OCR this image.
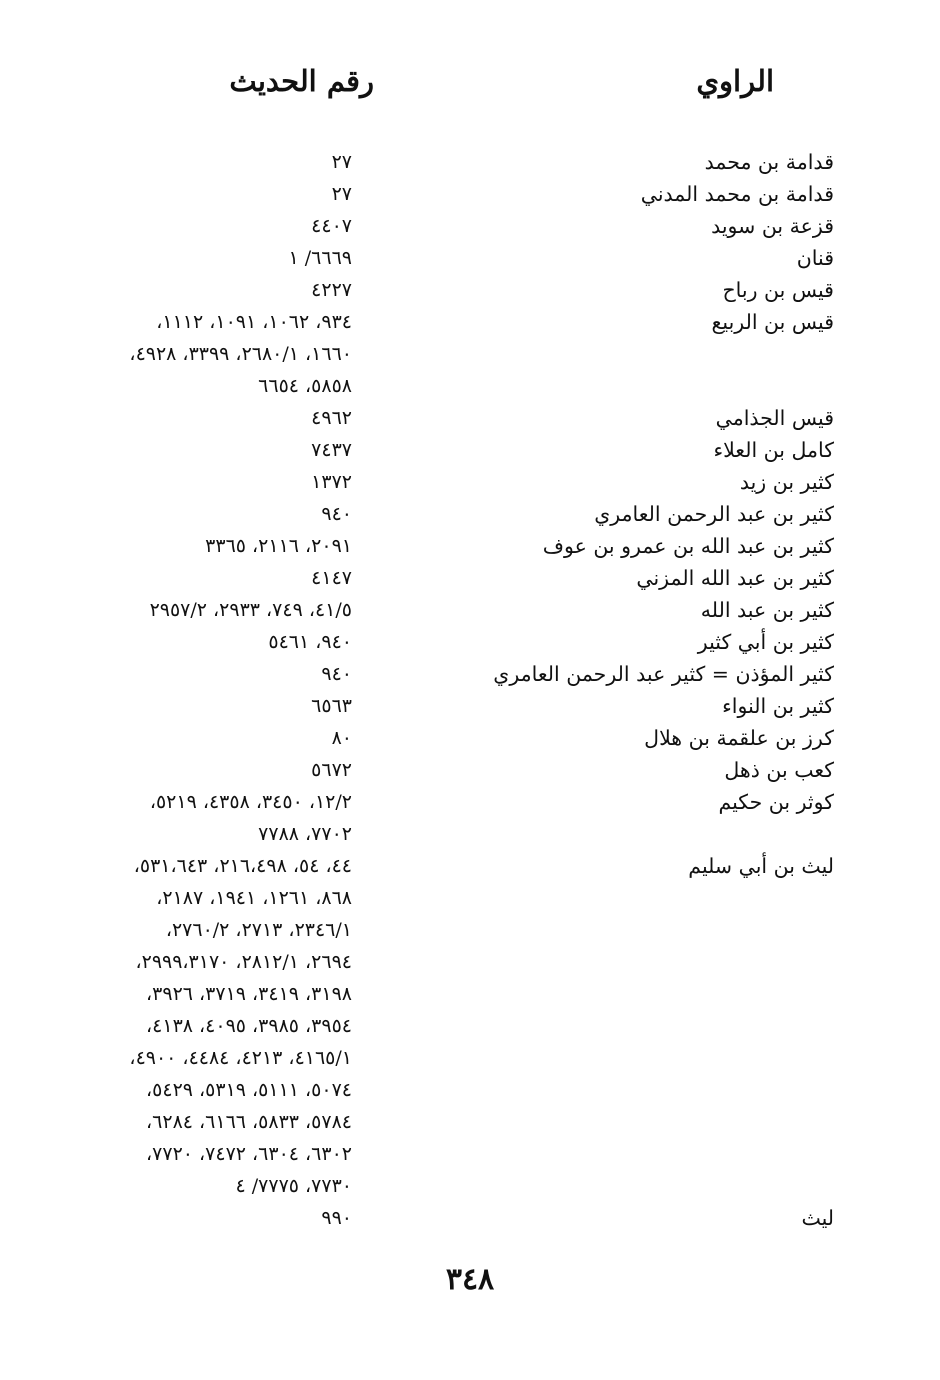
الراوي
رقم الحديث
قدامة بن محمد
قدامة بن محمد المدني
قزعة بن سويد
قنان
قيس بن رباح
قيس بن الربيع
قيس الجذامي
كامل بن العلاء
كثير بن زيد
كثير بن عبد الرحمن العامري
كثير بن عبد الله بن عمرو بن عوف
كثير بن عبد الله المزني
كثير بن عبد الله
كثير بن أبي كثير
كثير المؤذن = كثير عبد الرحمن العامري
كثير بن النواء
كرز بن علقمة بن هلال
كعب بن ذهل
كوثر بن حكيم
ليث بن أبي سليم
ليث
٢٧
٢٧
٤٤٠٧
٦٦٦٩/ ١
٤٢٢٧
٩٣٤، ١٠٦٢، ١٠٩١، ١١١٢،
١٦٦٠، ٢٦٨٠/١، ٣٣٩٩، ٤٩٢٨،
٥٨٥٨، ٦٦٥٤
٤٩٦٢
٧٤٣٧
١٣٧٢
٩٤٠
٢٠٩١، ٢١١٦، ٣٣٦٥
٤١٤٧
٤١/٥، ٧٤٩، ٢٩٣٣، ٢٩٥٧/٢
٩٤٠، ٥٤٦١
٩٤٠
٦٥٦٣
٨٠
٥٦٧٢
١٢/٢، ٣٤٥٠، ٤٣٥٨، ٥٢١٩،
٧٧٠٢، ٧٧٨٨
٤٤، ٥٤، ٢١٦،٤٩٨، ٥٣١،٦٤٣،
٨٦٨، ١٢٦١، ١٩٤١، ٢١٨٧،
٢٣٤٦/١، ٢٧١٣، ٢٧٦٠/٢،
٢٦٩٤، ٢٨١٢/١، ٢٩٩٩،٣١٧٠،
٣١٩٨، ٣٤١٩، ٣٧١٩، ٣٩٢٦،
٣٩٥٤، ٣٩٨٥، ٤٠٩٥، ٤١٣٨،
٤١٦٥/١، ٤٢١٣، ٤٤٨٤، ٤٩٠٠،
٥٠٧٤، ٥١١١، ٥٣١٩، ٥٤٢٩،
٥٧٨٤، ٥٨٣٣، ٦١٦٦، ٦٢٨٤،
٦٣٠٢، ٦٣٠٤، ٧٤٧٢، ٧٧٢٠،
٧٧٣٠، ٧٧٧٥/ ٤
٩٩٠
٣٤٨
